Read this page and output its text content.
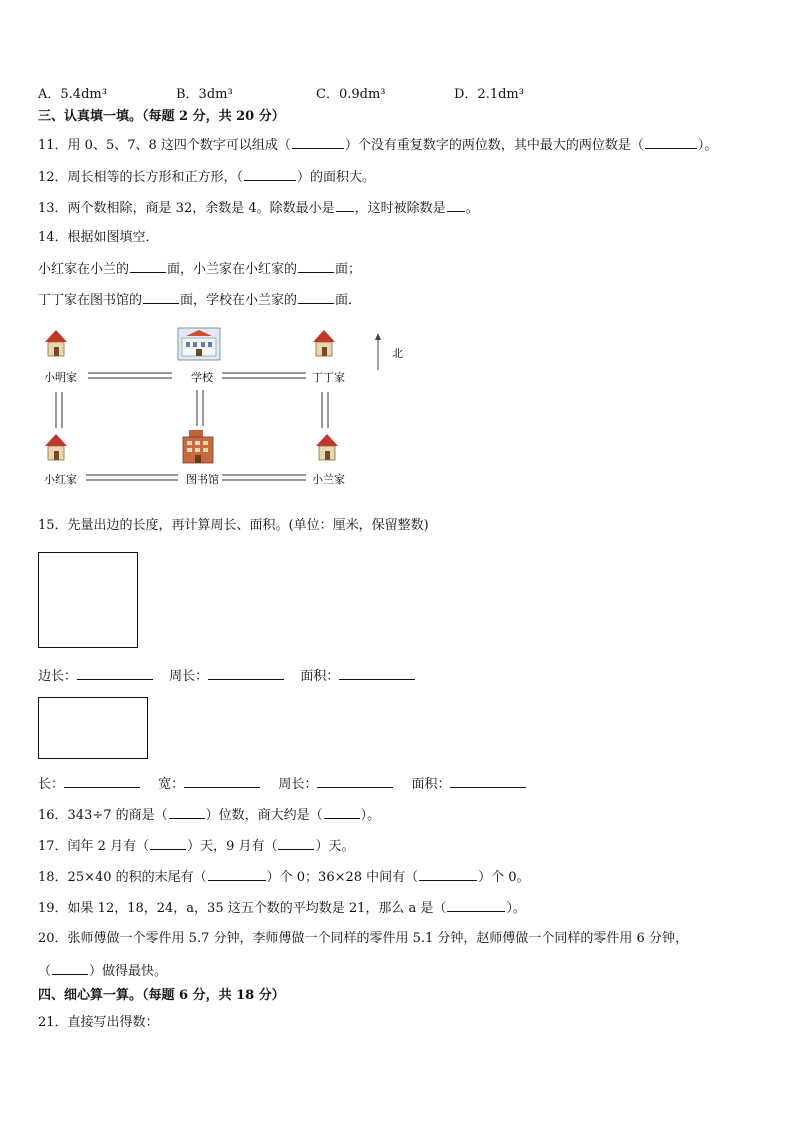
A．5.4dm³	B．3dm³	C．0.9dm³	D．2.1dm³
三、认真填一填。（每题 2 分，共 20 分）
11．用 0、5、7、8 这四个数字可以组成（	）个没有重复数字的两位数，其中最大的两位数是（	）。
12．周长相等的长方形和正方形，（	）的面积大。
13．两个数相除，商是 32，余数是 4。除数最小是 ，这时被除数是 。
14．根据如图填空．
小红家在小兰的	面，小兰家在小红家的	面；
丁丁家在图书馆的	面，学校在小兰家的	面．
小明家	学校	丁丁家
小红家	图书馆	小兰家
北
15．先量出边的长度，再计算周长、面积。(单位：厘米，保留整数)
边长：	周长：	面积：
长：	宽：	周长：	面积：
16．343÷7 的商是（	）位数，商大约是（	）。
17．闰年 2 月有（	）天，9 月有（	）天。
18．25×40 的积的末尾有（	）个 0；36×28 中间有（	）个 0。
19．如果 12，18，24，a，35 这五个数的平均数是 21，那么 a 是（	）。
20．张师傅做一个零件用 5.7 分钟，李师傅做一个同样的零件用 5.1 分钟，赵师傅做一个同样的零件用 6 分钟，
（	）做得最快。
四、细心算一算。（每题 6 分，共 18 分）
21．直接写出得数：
